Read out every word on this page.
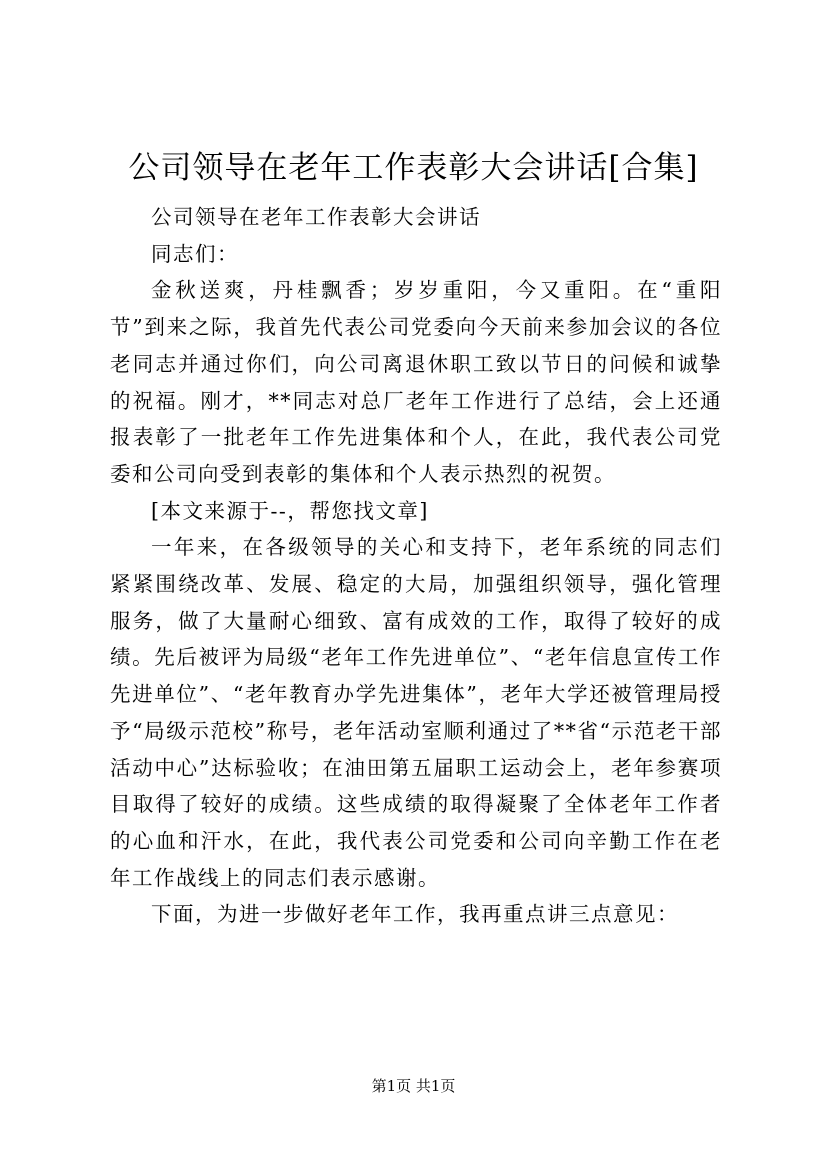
公司领导在老年工作表彰大会讲话[合集]

公司领导在老年工作表彰大会讲话

同志们：

金秋送爽，丹桂飘香；岁岁重阳，今又重阳。在“重阳节”到来之际，我首先代表公司党委向今天前来参加会议的各位老同志并通过你们，向公司离退休职工致以节日的问候和诚挚的祝福。刚才，**同志对总厂老年工作进行了总结，会上还通报表彰了一批老年工作先进集体和个人，在此，我代表公司党委和公司向受到表彰的集体和个人表示热烈的祝贺。

[本文来源于--，帮您找文章]

一年来，在各级领导的关心和支持下，老年系统的同志们紧紧围绕改革、发展、稳定的大局，加强组织领导，强化管理服务，做了大量耐心细致、富有成效的工作，取得了较好的成绩。先后被评为局级“老年工作先进单位”、“老年信息宣传工作先进单位”、“老年教育办学先进集体”，老年大学还被管理局授予“局级示范校”称号，老年活动室顺利通过了**省“示范老干部活动中心”达标验收；在油田第五届职工运动会上，老年参赛项目取得了较好的成绩。这些成绩的取得凝聚了全体老年工作者的心血和汗水，在此，我代表公司党委和公司向辛勤工作在老年工作战线上的同志们表示感谢。

下面，为进一步做好老年工作，我再重点讲三点意见：

第1页 共1页
